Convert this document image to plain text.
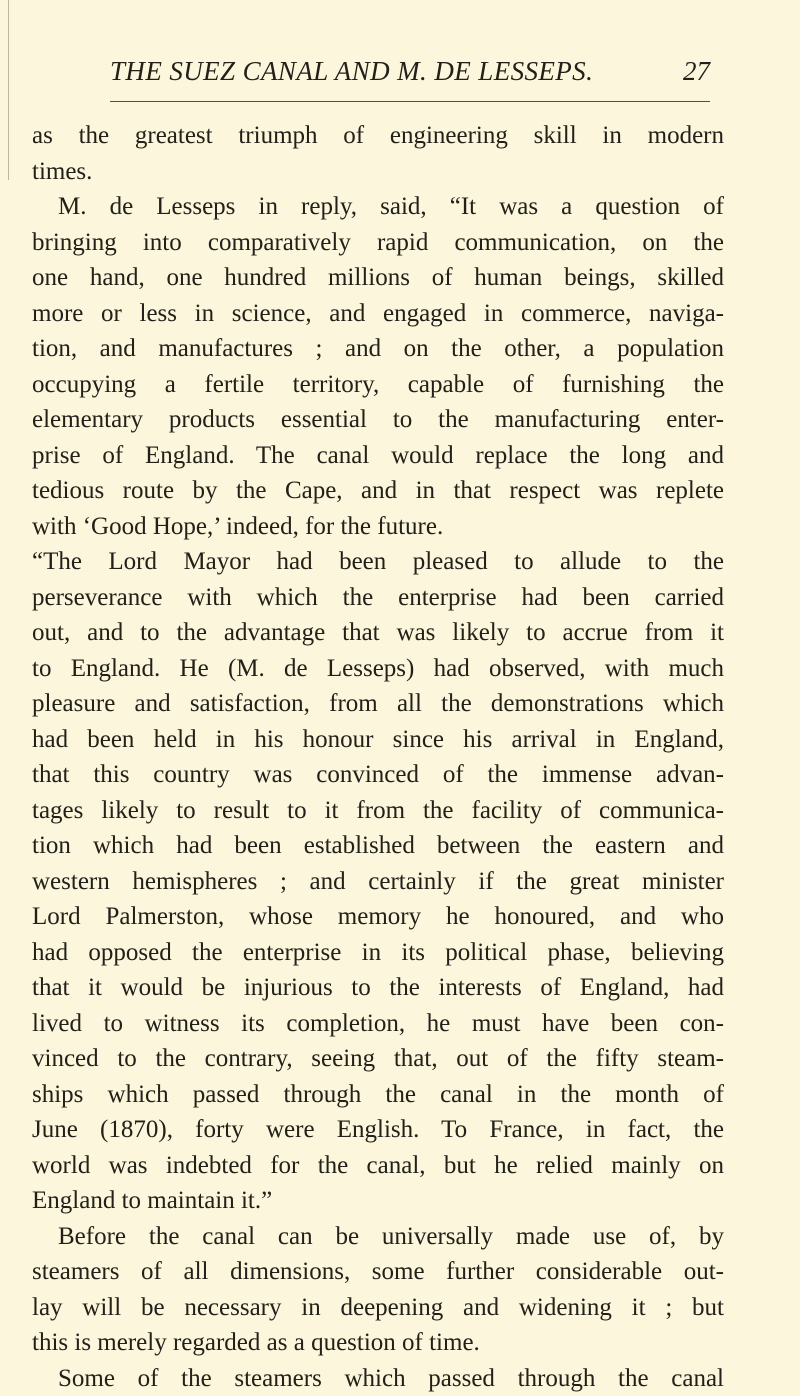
THE SUEZ CANAL AND M. DE LESSEPS.	27
as the greatest triumph of engineering skill in modern
times.
M. de Lesseps in reply, said, “It was a question of
bringing into comparatively rapid communication, on the
one hand, one hundred millions of human beings, skilled
more or less in science, and engaged in commerce, naviga-
tion, and manufactures ; and on the other, a population
occupying a fertile territory, capable of furnishing the
elementary products essential to the manufacturing enter-
prise of England. The canal would replace the long and
tedious route by the Cape, and in that respect was replete
with ‘Good Hope,’ indeed, for the future.
“The Lord Mayor had been pleased to allude to the
perseverance with which the enterprise had been carried
out, and to the advantage that was likely to accrue from it
to England. He (M. de Lesseps) had observed, with much
pleasure and satisfaction, from all the demonstrations which
had been held in his honour since his arrival in England,
that this country was convinced of the immense advan-
tages likely to result to it from the facility of communica-
tion which had been established between the eastern and
western hemispheres ; and certainly if the great minister
Lord Palmerston, whose memory he honoured, and who
had opposed the enterprise in its political phase, believing
that it would be injurious to the interests of England, had
lived to witness its completion, he must have been con-
vinced to the contrary, seeing that, out of the fifty steam-
ships which passed through the canal in the month of
June (1870), forty were English. To France, in fact, the
world was indebted for the canal, but he relied mainly on
England to maintain it.”
Before the canal can be universally made use of, by
steamers of all dimensions, some further considerable out-
lay will be necessary in deepening and widening it ; but
this is merely regarded as a question of time.
Some of the steamers which passed through the canal
